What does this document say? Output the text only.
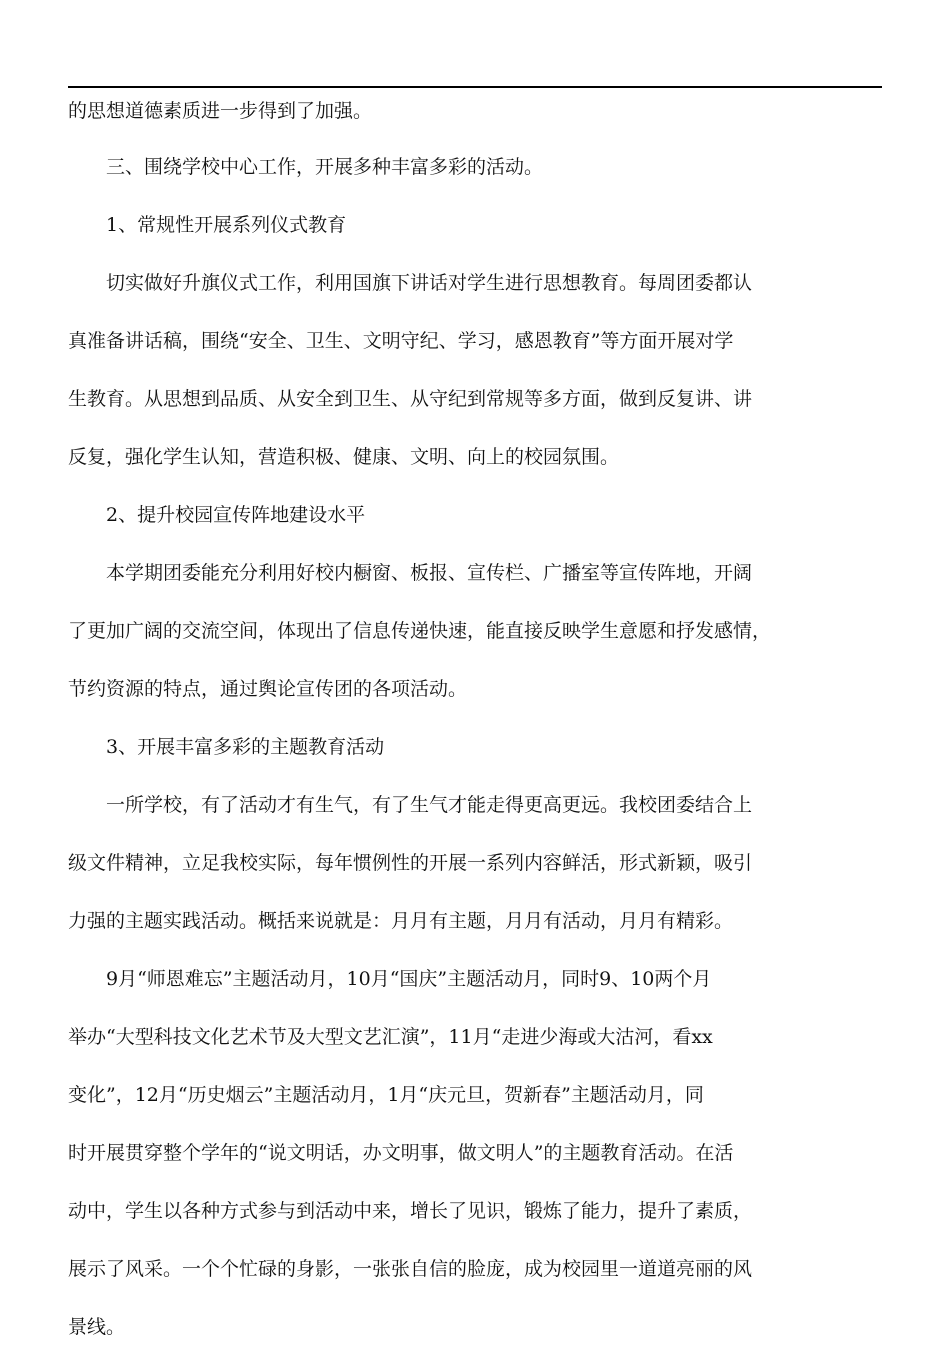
的思想道德素质进一步得到了加强。
三、围绕学校中心工作，开展多种丰富多彩的活动。
1、常规性开展系列仪式教育
切实做好升旗仪式工作，利用国旗下讲话对学生进行思想教育。每周团委都认
真准备讲话稿，围绕“安全、卫生、文明守纪、学习，感恩教育”等方面开展对学
生教育。从思想到品质、从安全到卫生、从守纪到常规等多方面，做到反复讲、讲
反复，强化学生认知，营造积极、健康、文明、向上的校园氛围。
2、提升校园宣传阵地建设水平
本学期团委能充分利用好校内橱窗、板报、宣传栏、广播室等宣传阵地，开阔
了更加广阔的交流空间，体现出了信息传递快速，能直接反映学生意愿和抒发感情，
节约资源的特点，通过舆论宣传团的各项活动。
3、开展丰富多彩的主题教育活动
一所学校，有了活动才有生气，有了生气才能走得更高更远。我校团委结合上
级文件精神，立足我校实际，每年惯例性的开展一系列内容鲜活，形式新颖，吸引
力强的主题实践活动。概括来说就是：月月有主题，月月有活动，月月有精彩。
9月“师恩难忘”主题活动月，10月“国庆”主题活动月，同时9、10两个月
举办“大型科技文化艺术节及大型文艺汇演”，11月“走进少海或大沽河，看xx
变化”，12月“历史烟云”主题活动月，1月“庆元旦，贺新春”主题活动月，同
时开展贯穿整个学年的“说文明话，办文明事，做文明人”的主题教育活动。在活
动中，学生以各种方式参与到活动中来，增长了见识，锻炼了能力，提升了素质，
展示了风采。一个个忙碌的身影，一张张自信的脸庞，成为校园里一道道亮丽的风
景线。
